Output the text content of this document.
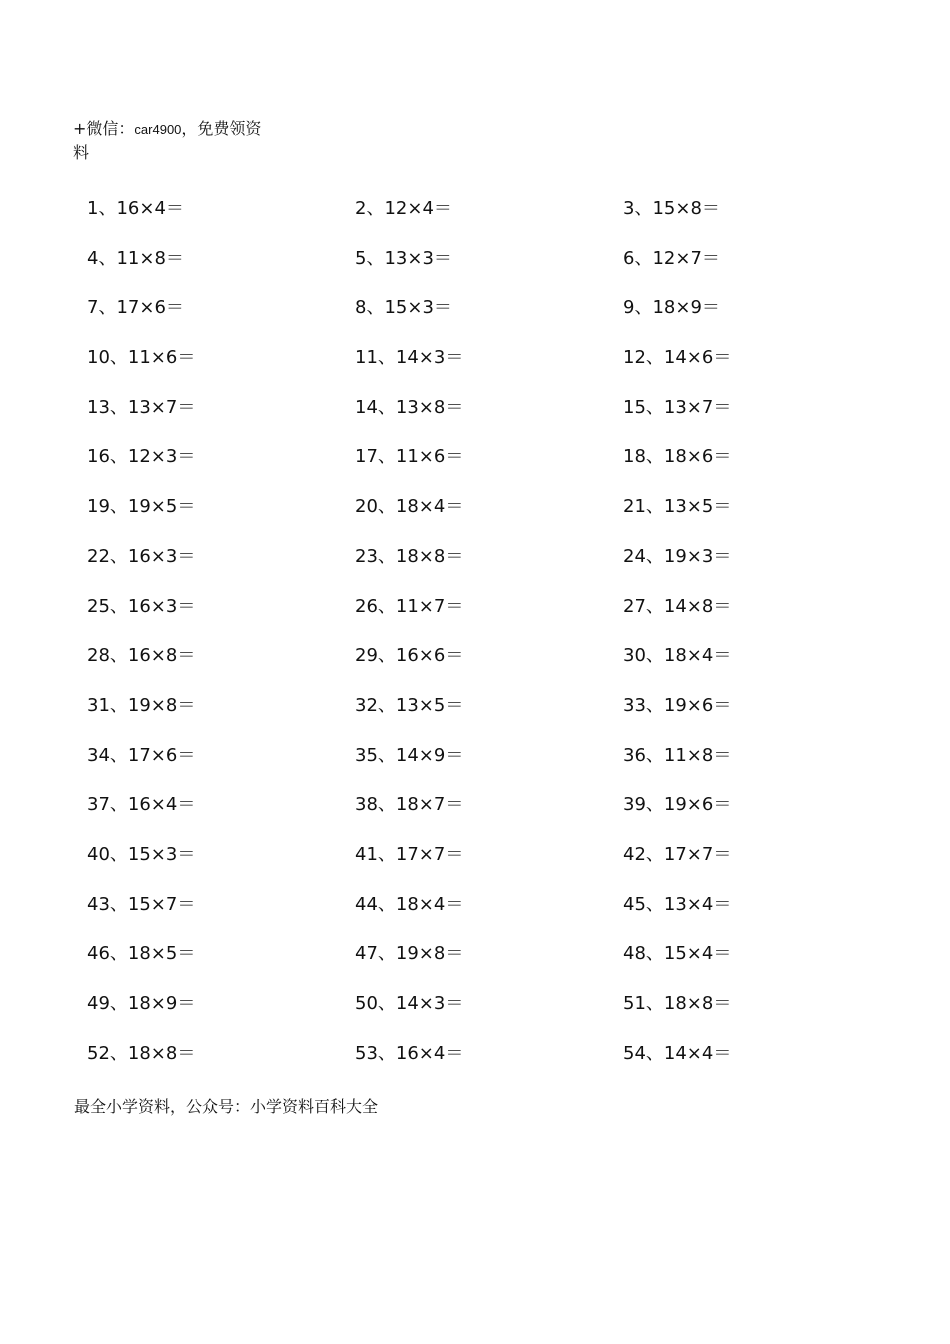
+微信：car4900，免费领资料
1、16×4＝	2、12×4＝	3、15×8＝
4、11×8＝	5、13×3＝	6、12×7＝
7、17×6＝	8、15×3＝	9、18×9＝
10、11×6＝	11、14×3＝	12、14×6＝
13、13×7＝	14、13×8＝	15、13×7＝
16、12×3＝	17、11×6＝	18、18×6＝
19、19×5＝	20、18×4＝	21、13×5＝
22、16×3＝	23、18×8＝	24、19×3＝
25、16×3＝	26、11×7＝	27、14×8＝
28、16×8＝	29、16×6＝	30、18×4＝
31、19×8＝	32、13×5＝	33、19×6＝
34、17×6＝	35、14×9＝	36、11×8＝
37、16×4＝	38、18×7＝	39、19×6＝
40、15×3＝	41、17×7＝	42、17×7＝
43、15×7＝	44、18×4＝	45、13×4＝
46、18×5＝	47、19×8＝	48、15×4＝
49、18×9＝	50、14×3＝	51、18×8＝
52、18×8＝	53、16×4＝	54、14×4＝
最全小学资料，公众号：小学资料百科大全
